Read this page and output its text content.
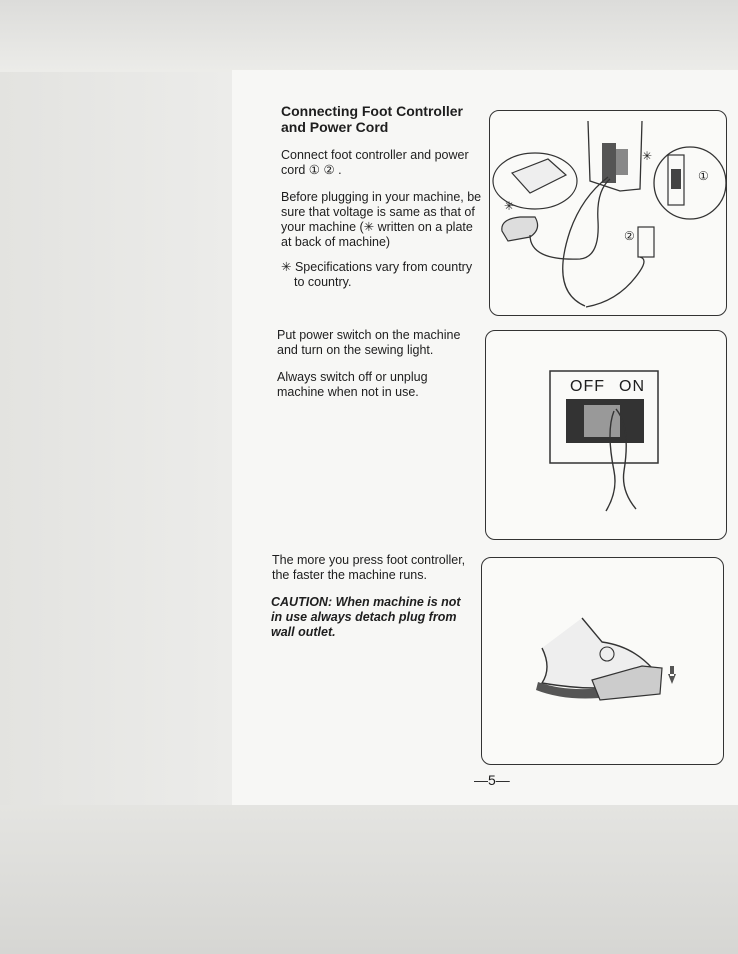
Connecting Foot Controller
and Power Cord
Connect foot controller and power
cord ① ② .
Before plugging in your machine, be
sure that voltage is same as that of
your machine (✳ written on a plate
at back of machine)
✳ Specifications vary from country
to country.
Put power switch on the machine
and turn on the sewing light.
Always switch off or unplug
machine when not in use.
The more you press foot controller,
the faster the machine runs.
CAUTION: When machine is not
in use always detach plug from
wall outlet.
✳
✳
①
②
OFF ON
—5—
